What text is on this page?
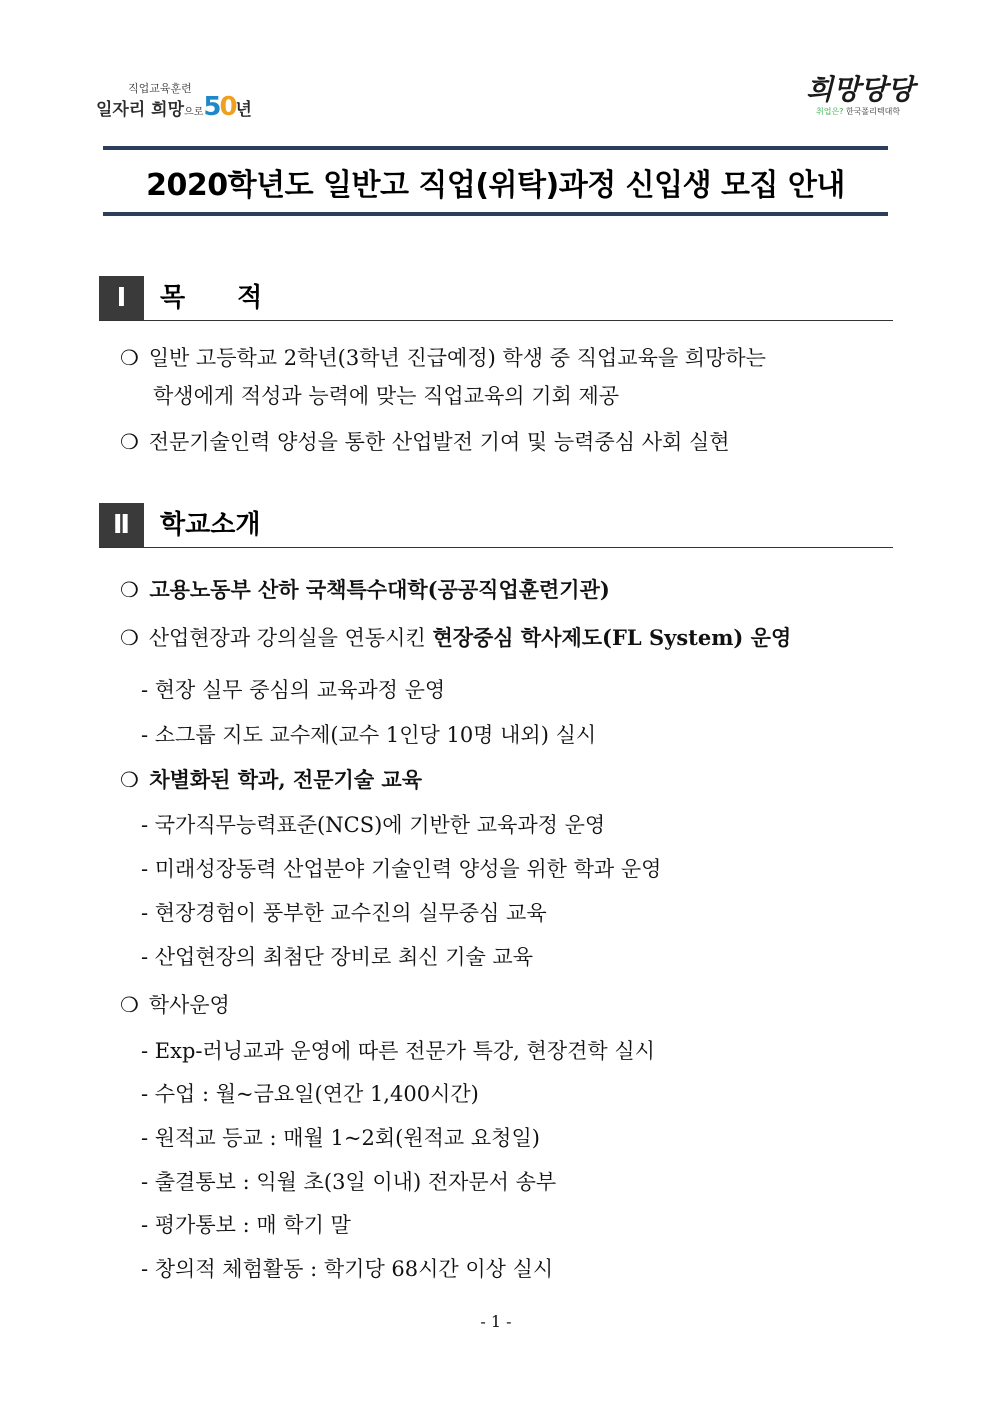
직업교육훈련
일자리 희망으로50년
희망당당
취업은? 한국폴리텍대학
2020학년도 일반고 직업(위탁)과정 신입생 모집 안내
Ⅰ	목　　적
❍ 일반 고등학교 2학년(3학년 진급예정) 학생 중 직업교육을 희망하는
학생에게 적성과 능력에 맞는 직업교육의 기회 제공
❍ 전문기술인력 양성을 통한 산업발전 기여 및 능력중심 사회 실현
Ⅱ	학교소개
❍ 고용노동부 산하 국책특수대학(공공직업훈련기관)
❍ 산업현장과 강의실을 연동시킨 현장중심 학사제도(FL System) 운영
- 현장 실무 중심의 교육과정 운영
- 소그룹 지도 교수제(교수 1인당 10명 내외) 실시
❍ 차별화된 학과, 전문기술 교육
- 국가직무능력표준(NCS)에 기반한 교육과정 운영
- 미래성장동력 산업분야 기술인력 양성을 위한 학과 운영
- 현장경험이 풍부한 교수진의 실무중심 교육
- 산업현장의 최첨단 장비로 최신 기술 교육
❍ 학사운영
- Exp-러닝교과 운영에 따른 전문가 특강, 현장견학 실시
- 수업 : 월~금요일(연간 1,400시간)
- 원적교 등교 : 매월 1~2회(원적교 요청일)
- 출결통보 : 익월 초(3일 이내) 전자문서 송부
- 평가통보 : 매 학기 말
- 창의적 체험활동 : 학기당 68시간 이상 실시
- 1 -
